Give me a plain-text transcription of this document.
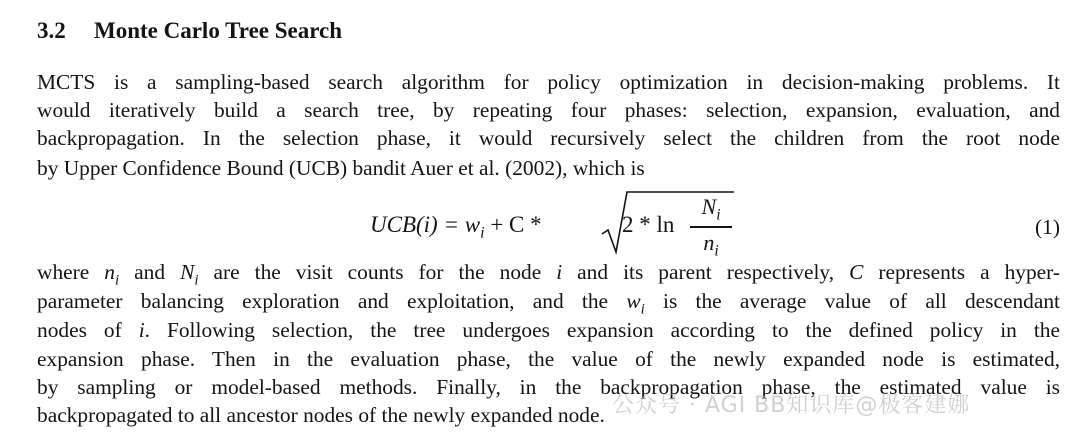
3.2 Monte Carlo Tree Search
MCTS is a sampling-based search algorithm for policy optimization in decision-making problems. It
would iteratively build a search tree, by repeating four phases: selection, expansion, evaluation, and
backpropagation. In the selection phase, it would recursively select the children from the root node
by Upper Confidence Bound (UCB) bandit Auer et al. (2002), which is
$UCB(i) = w_i + C$ *	2 * ln
$N_i$
$n_i$
(1)
where $n_i$ and $N_i$ are the visit counts for the node i and its parent respectively, C represents a hyper-
parameter balancing exploration and exploitation, and the $w_i$ is the average value of all descendant
nodes of i. Following selection, the tree undergoes expansion according to the defined policy in the
expansion phase. Then in the evaluation phase, the value of the newly expanded node is estimated,
by sampling or model-based methods. Finally, in the backpropagation phase, the estimated value is
backpropagated to all ancestor nodes of the newly expanded node. 公众号 · AGI BB知识库@极客建娜
